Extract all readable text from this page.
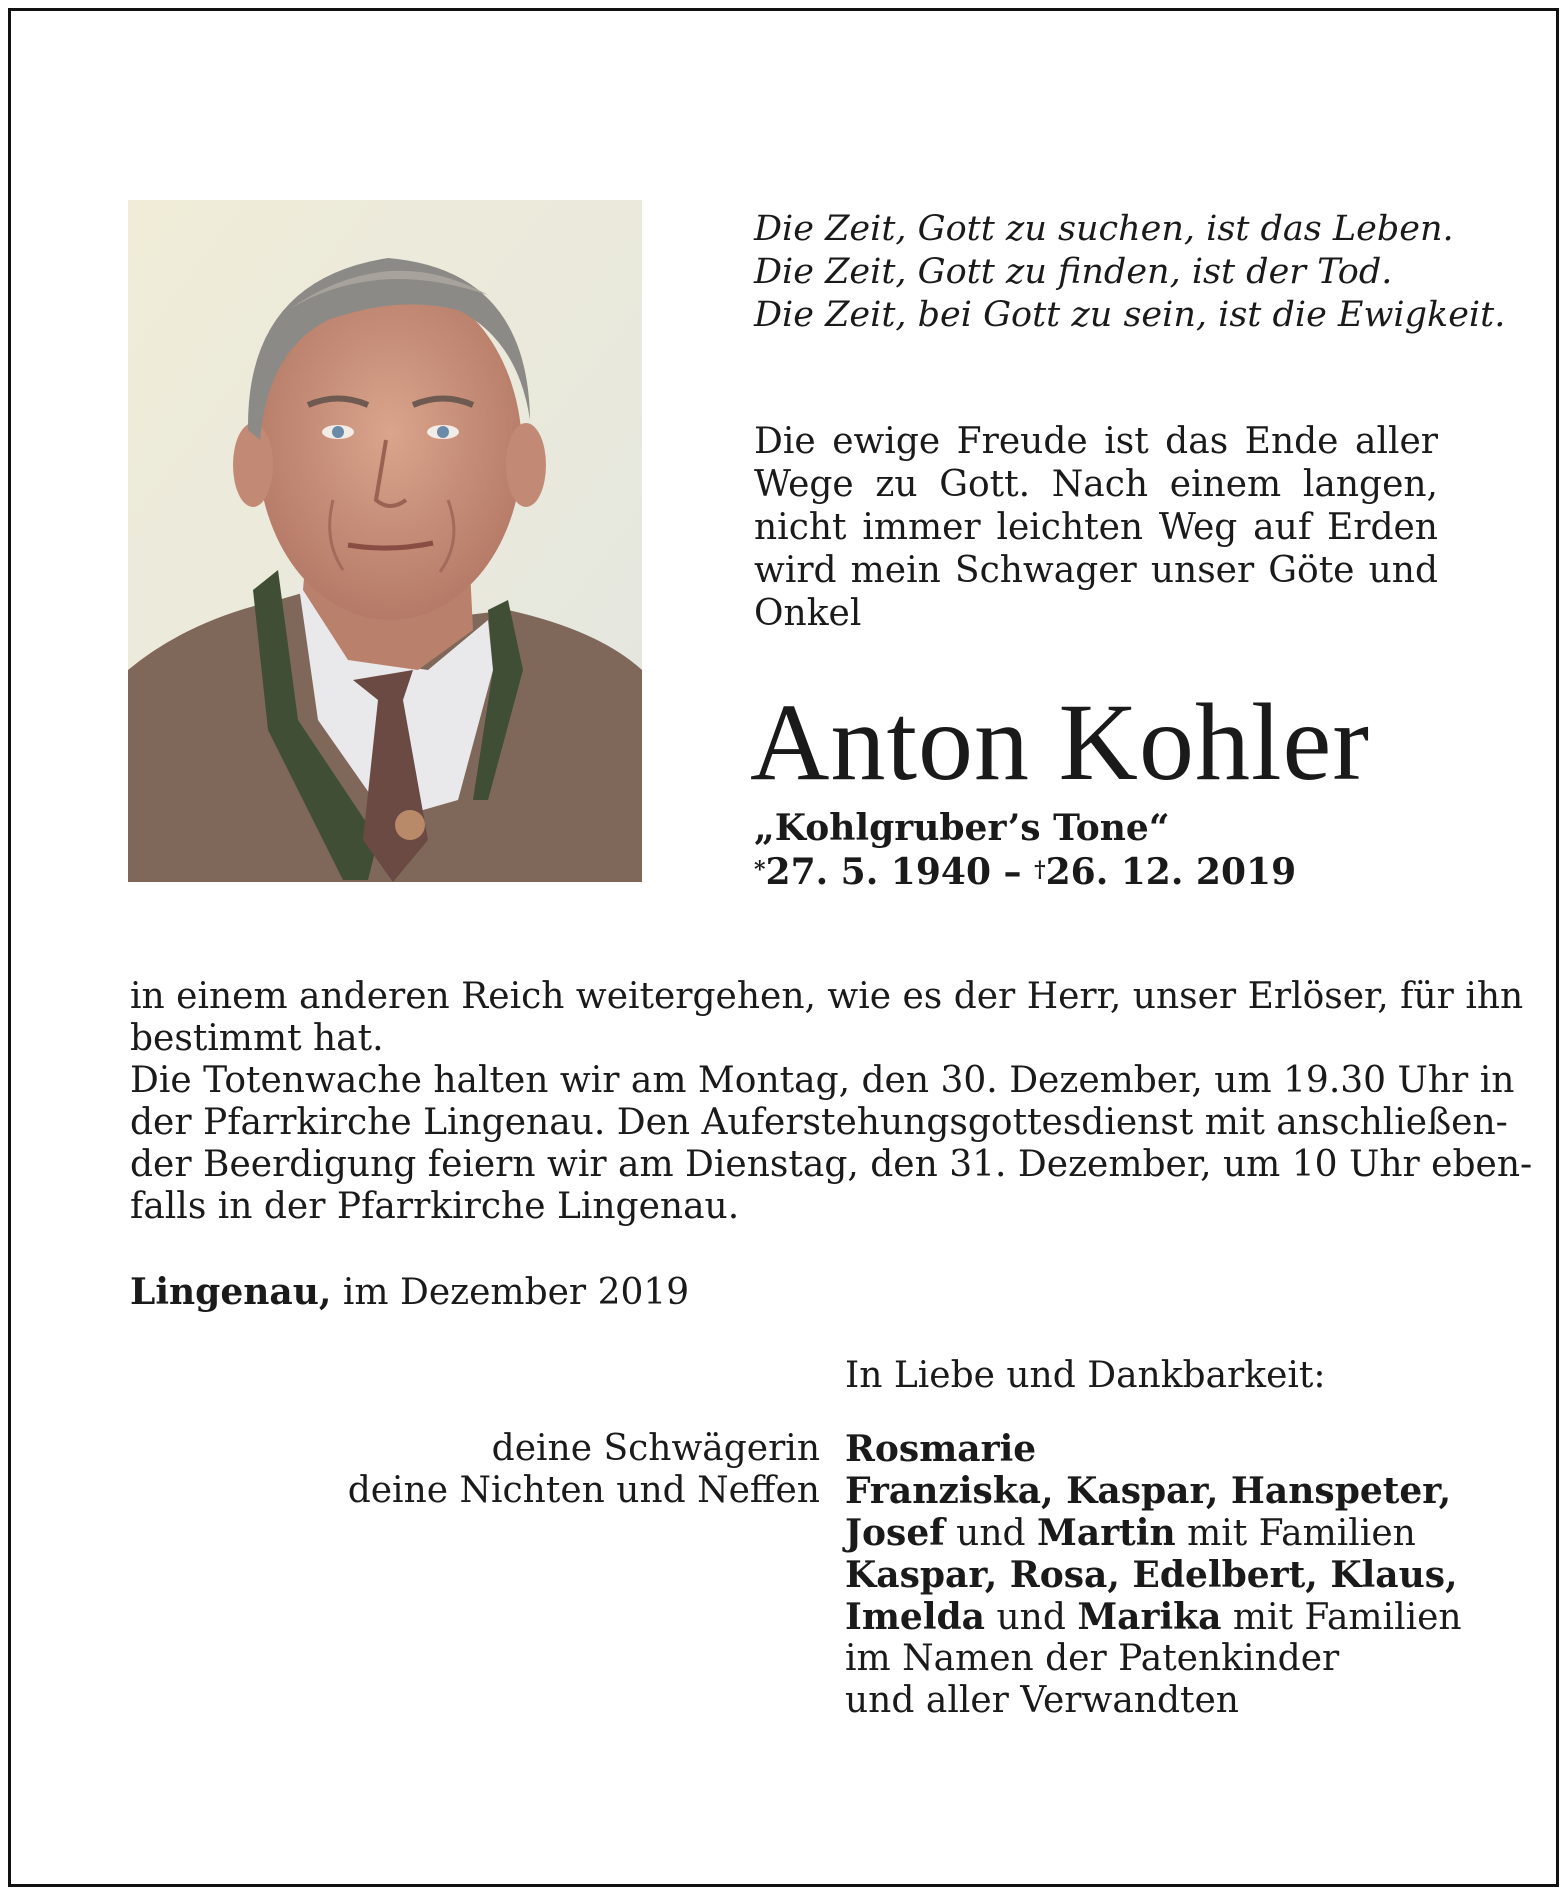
Die Zeit, Gott zu suchen, ist das Leben.
Die Zeit, Gott zu finden, ist der Tod.
Die Zeit, bei Gott zu sein, ist die Ewigkeit.
Die ewige Freude ist das Ende aller Wege zu Gott. Nach einem langen, nicht immer leichten Weg auf Erden wird mein Schwager unser Göte und Onkel
Anton Kohler
„Kohlgruber’s Tone“
*27. 5. 1940 – †26. 12. 2019

in einem anderen Reich weitergehen, wie es der Herr, unser Erlöser, für ihn

bestimmt hat.

Die Totenwache halten wir am Montag, den 30. Dezember, um 19.30 Uhr in

der Pfarrkirche Lingenau. Den Auferstehungsgottesdienst mit anschließen-

der Beerdigung feiern wir am Dienstag, den 31. Dezember, um 10 Uhr eben-

falls in der Pfarrkirche Lingenau.

Lingenau, im Dezember 2019
In Liebe und Dankbarkeit:
deine Schwägerin
deine Nichten und Neffen
Rosmarie
Franziska, Kaspar, Hanspeter,
Josef und Martin mit Familien
Kaspar, Rosa, Edelbert, Klaus,
Imelda und Marika mit Familien
im Namen der Patenkinder
und aller Verwandten
